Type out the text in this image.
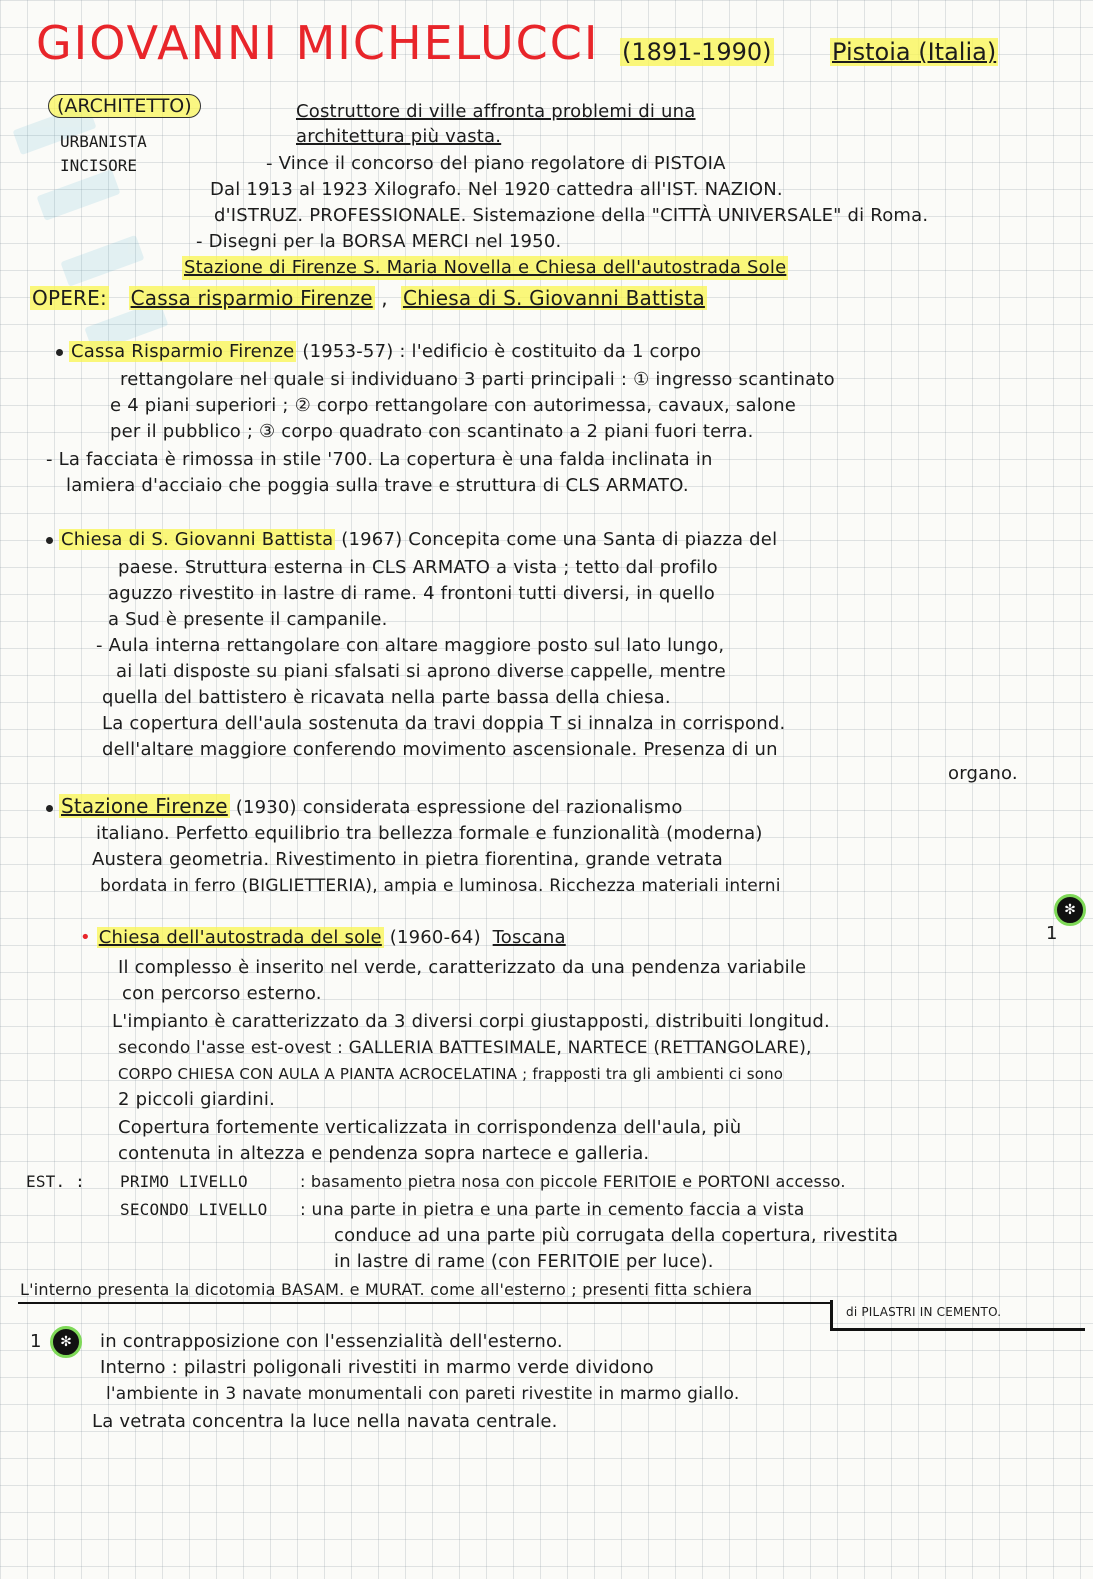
GIOVANNI MICHELUCCI (1891-1990)	Pistoia (Italia)
(ARCHITETTO)
URBANISTA
INCISORE
Costruttore di ville affronta problemi di una
architettura più vasta.
- Vince il concorso del piano regolatore di PISTOIA
Dal 1913 al 1923 Xilografo. Nel 1920 cattedra all'IST. NAZION.
d'ISTRUZ. PROFESSIONALE. Sistemazione della "CITTÀ UNIVERSALE" di Roma.
- Disegni per la BORSA MERCI nel 1950.
Stazione di Firenze S. Maria Novella e Chiesa dell'autostrada Sole
OPERE: Cassa risparmio Firenze , Chiesa di S. Giovanni Battista
Cassa Risparmio Firenze (1953-57) : l'edificio è costituito da 1 corpo
rettangolare nel quale si individuano 3 parti principali : ① ingresso scantinato
e 4 piani superiori ; ② corpo rettangolare con autorimessa, cavaux, salone
per il pubblico ; ③ corpo quadrato con scantinato a 2 piani fuori terra.
- La facciata è rimossa in stile '700. La copertura è una falda inclinata in
lamiera d'acciaio che poggia sulla trave e struttura di CLS ARMATO.
Chiesa di S. Giovanni Battista (1967) Concepita come una Santa di piazza del
paese. Struttura esterna in CLS ARMATO a vista ; tetto dal profilo
aguzzo rivestito in lastre di rame. 4 frontoni tutti diversi, in quello
a Sud è presente il campanile.
- Aula interna rettangolare con altare maggiore posto sul lato lungo,
ai lati disposte su piani sfalsati si aprono diverse cappelle, mentre
quella del battistero è ricavata nella parte bassa della chiesa.
La copertura dell'aula sostenuta da travi doppia T si innalza in corrispond.
dell'altare maggiore conferendo movimento ascensionale. Presenza di un
organo.
Stazione Firenze (1930) considerata espressione del razionalismo
italiano. Perfetto equilibrio tra bellezza formale e funzionalità (moderna)
Austera geometria. Rivestimento in pietra fiorentina, grande vetrata
bordata in ferro (BIGLIETTERIA), ampia e luminosa. Ricchezza materiali interni
✻
• Chiesa dell'autostrada del sole (1960-64) Toscana	1
Il complesso è inserito nel verde, caratterizzato da una pendenza variabile
con percorso esterno.
L'impianto è caratterizzato da 3 diversi corpi giustapposti, distribuiti longitud.
secondo l'asse est-ovest : GALLERIA BATTESIMALE, NARTECE (RETTANGOLARE),
CORPO CHIESA CON AULA A PIANTA ACROCELATINA ; frapposti tra gli ambienti ci sono
2 piccoli giardini.
Copertura fortemente verticalizzata in corrispondenza dell'aula, più
contenuta in altezza e pendenza sopra nartece e galleria.
EST. : PRIMO LIVELLO	: basamento pietra nosa con piccole FERITOIE e PORTONI accesso.
SECONDO LIVELLO : una parte in pietra e una parte in cemento faccia a vista
conduce ad una parte più corrugata della copertura, rivestita
in lastre di rame (con FERITOIE per luce).
L'interno presenta la dicotomia BASAM. e MURAT. come all'esterno ; presenti fitta schiera
di PILASTRI IN CEMENTO.
1	✻	in contrapposizione con l'essenzialità dell'esterno.
Interno : pilastri poligonali rivestiti in marmo verde dividono
l'ambiente in 3 navate monumentali con pareti rivestite in marmo giallo.
La vetrata concentra la luce nella navata centrale.
